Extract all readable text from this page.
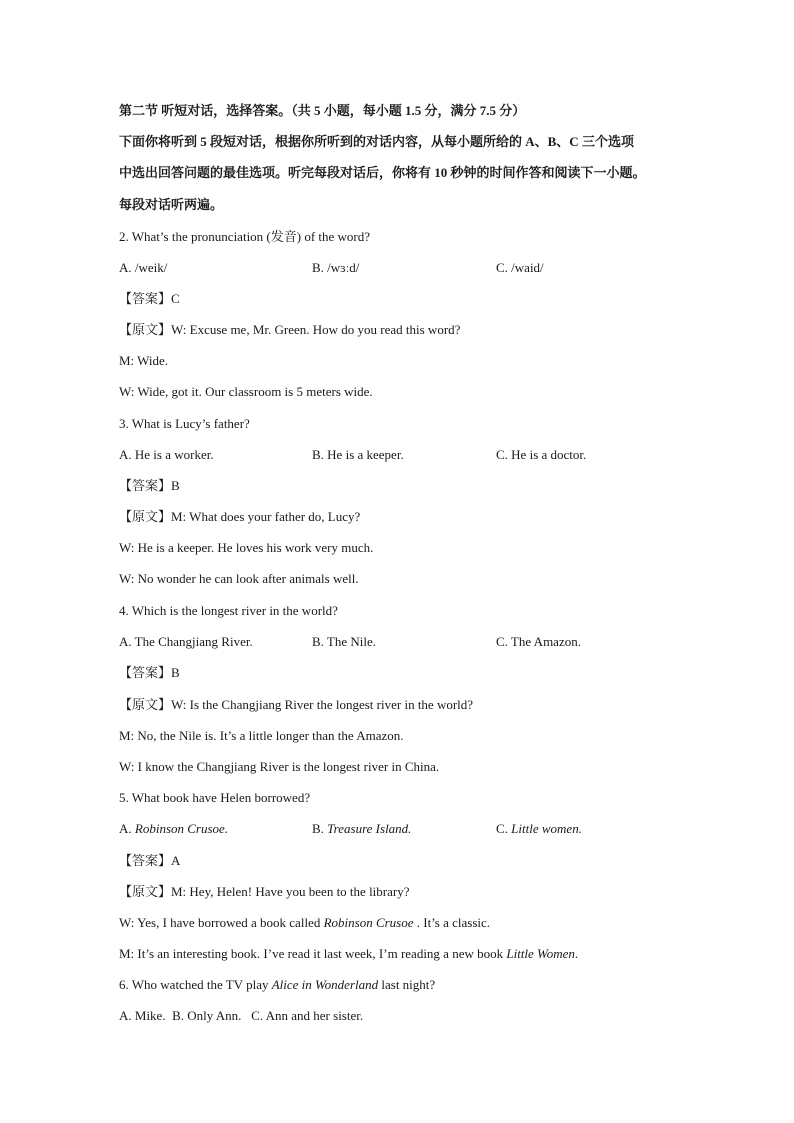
第二节 听短对话，选择答案。（共 5 小题，每小题 1.5 分，满分 7.5 分）
下面你将听到 5 段短对话，根据你所听到的对话内容，从每小题所给的 A、B、C 三个选项
中选出回答问题的最佳选项。听完每段对话后，你将有 10 秒钟的时间作答和阅读下一小题。
每段对话听两遍。
2. What’s the pronunciation (发音) of the word?
A. /weik/	B. /wɜːd/	C. /waid/
【答案】C
【原文】W: Excuse me, Mr. Green. How do you read this word?
M: Wide.
W: Wide, got it. Our classroom is 5 meters wide.
3. What is Lucy’s father?
A. He is a worker.	B. He is a keeper.	C. He is a doctor.
【答案】B
【原文】M: What does your father do, Lucy?
W: He is a keeper. He loves his work very much.
W: No wonder he can look after animals well.
4. Which is the longest river in the world?
A. The Changjiang River.	B. The Nile.	C. The Amazon.
【答案】B
【原文】W: Is the Changjiang River the longest river in the world?
M: No, the Nile is. It’s a little longer than the Amazon.
W: I know the Changjiang River is the longest river in China.
5. What book have Helen borrowed?
A. Robinson Crusoe.	B. Treasure Island.	C. Little women.
【答案】A
【原文】M: Hey, Helen! Have you been to the library?
W: Yes, I have borrowed a book called Robinson Crusoe . It’s a classic.
M: It’s an interesting book. I’ve read it last week, I’m reading a new book Little Women.
6. Who watched the TV play Alice in Wonderland last night?
A. Mike.  B. Only Ann.   C. Ann and her sister.
